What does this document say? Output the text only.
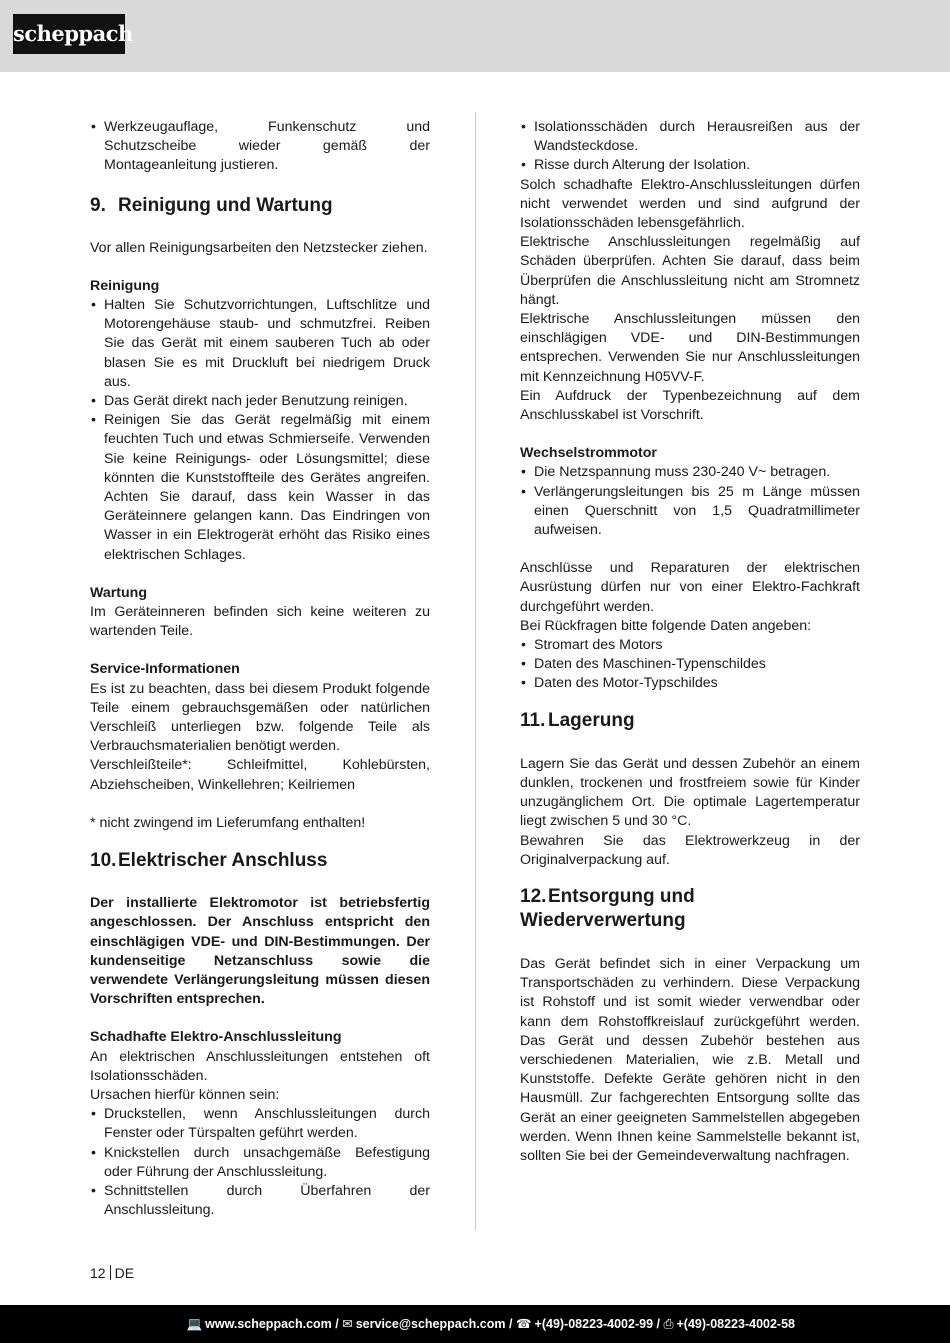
scheppach
• Werkzeugauflage, Funkenschutz und Schutzscheibe wieder gemäß der Montageanleitung justieren.
9. Reinigung und Wartung

Vor allen Reinigungsarbeiten den Netzstecker ziehen.

Reinigung

• Halten Sie Schutzvorrichtungen, Luftschlitze und Motorengehäuse staub- und schmutzfrei. Reiben Sie das Gerät mit einem sauberen Tuch ab oder blasen Sie es mit Druckluft bei niedrigem Druck aus.
• Das Gerät direkt nach jeder Benutzung reinigen.
• Reinigen Sie das Gerät regelmäßig mit einem feuchten Tuch und etwas Schmierseife. Verwenden Sie keine Reinigungs- oder Lösungsmittel; diese könnten die Kunststoffteile des Gerätes angreifen. Achten Sie darauf, dass kein Wasser in das Geräteinnere gelangen kann. Das Eindringen von Wasser in ein Elektrogerät erhöht das Risiko eines elektrischen Schlages.

Wartung

Im Geräteinneren befinden sich keine weiteren zu wartenden Teile.

Service-Informationen

Es ist zu beachten, dass bei diesem Produkt folgende Teile einem gebrauchsgemäßen oder natürlichen Verschleiß unterliegen bzw. folgende Teile als Verbrauchsmaterialien benötigt werden.

Verschleißteile*: Schleifmittel, Kohlebürsten, Abziehscheiben, Winkellehren; Keilriemen

* nicht zwingend im Lieferumfang enthalten!

10.Elektrischer Anschluss

Der installierte Elektromotor ist betriebsfertig angeschlossen. Der Anschluss entspricht den einschlägigen VDE- und DIN-Bestimmungen. Der kundenseitige Netzanschluss sowie die verwendete Verlängerungsleitung müssen diesen Vorschriften entsprechen.

Schadhafte Elektro-Anschlussleitung

An elektrischen Anschlussleitungen entstehen oft Isolationsschäden.

Ursachen hierfür können sein:

• Druckstellen, wenn Anschlussleitungen durch Fenster oder Türspalten geführt werden.
• Knickstellen durch unsachgemäße Befestigung oder Führung der Anschlussleitung.
• Schnittstellen durch Überfahren der Anschlussleitung.
• Isolationsschäden durch Herausreißen aus der Wandsteckdose.
• Risse durch Alterung der Isolation.

Solch schadhafte Elektro-Anschlussleitungen dürfen nicht verwendet werden und sind aufgrund der Isolationsschäden lebensgefährlich.

Elektrische Anschlussleitungen regelmäßig auf Schäden überprüfen. Achten Sie darauf, dass beim Überprüfen die Anschlussleitung nicht am Stromnetz hängt.

Elektrische Anschlussleitungen müssen den einschlägigen VDE- und DIN-Bestimmungen entsprechen. Verwenden Sie nur Anschlussleitungen mit Kennzeichnung H05VV-F.

Ein Aufdruck der Typenbezeichnung auf dem Anschlusskabel ist Vorschrift.

Wechselstrommotor

• Die Netzspannung muss 230-240 V~ betragen.
• Verlängerungsleitungen bis 25 m Länge müssen einen Querschnitt von 1,5 Quadratmillimeter aufweisen.

Anschlüsse und Reparaturen der elektrischen Ausrüstung dürfen nur von einer Elektro-Fachkraft durchgeführt werden.

Bei Rückfragen bitte folgende Daten angeben:

• Stromart des Motors
• Daten des Maschinen-Typenschildes
• Daten des Motor-Typschildes
11. Lagerung

Lagern Sie das Gerät und dessen Zubehör an einem dunklen, trockenen und frostfreiem sowie für Kinder unzugänglichem Ort. Die optimale Lagertemperatur liegt zwischen 5 und 30 °C.

Bewahren Sie das Elektrowerkzeug in der Originalverpackung auf.

12.Entsorgung und Wiederverwertung

Das Gerät befindet sich in einer Verpackung um Transportschäden zu verhindern. Diese Verpackung ist Rohstoff und ist somit wieder verwendbar oder kann dem Rohstoffkreislauf zurückgeführt werden. Das Gerät und dessen Zubehör bestehen aus verschiedenen Materialien, wie z.B. Metall und Kunststoffe. Defekte Geräte gehören nicht in den Hausmüll. Zur fachgerechten Entsorgung sollte das Gerät an einer geeigneten Sammelstellen abgegeben werden. Wenn Ihnen keine Sammelstelle bekannt ist, sollten Sie bei der Gemeindeverwaltung nachfragen.

12 DE
💻 www.scheppach.com / ✉ service@scheppach.com / ☎ +(49)-08223-4002-99 / ⎙ +(49)-08223-4002-58
